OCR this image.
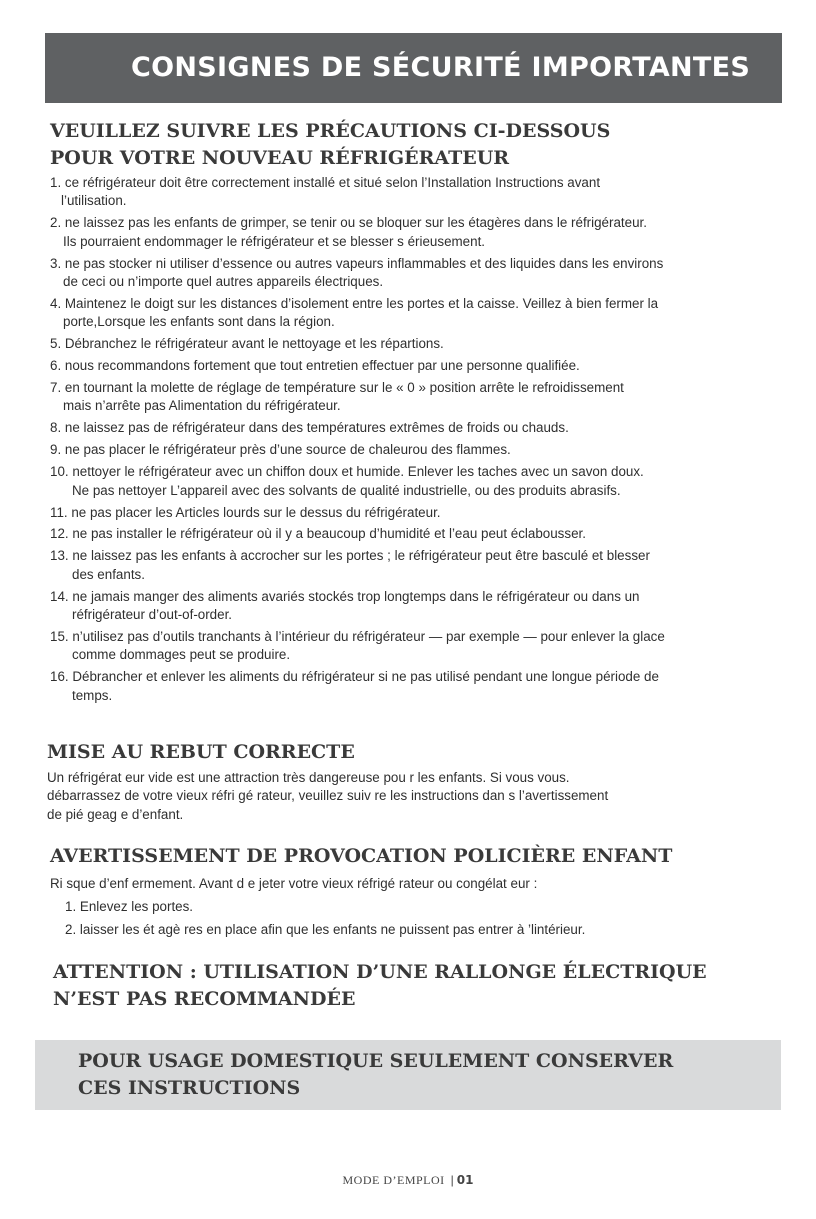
CONSIGNES DE SÉCURITÉ IMPORTANTES
VEUILLEZ SUIVRE LES PRÉCAUTIONS CI-DESSOUS
POUR VOTRE NOUVEAU RÉFRIGÉRATEUR
1. ce réfrigérateur doit être correctement installé et situé selon l’Installation Instructions avant
l’utilisation.
2. ne laissez pas les enfants de grimper, se tenir ou se bloquer sur les étagères dans le réfrigérateur.
Ils pourraient endommager le réfrigérateur et se blesser s érieusement.
3. ne pas stocker ni utiliser d’essence ou autres vapeurs inflammables et des liquides dans les environs
de ceci ou n’importe quel autres appareils électriques.
4. Maintenez le doigt sur les distances d’isolement entre les portes et la caisse. Veillez à bien fermer la
porte,Lorsque les enfants sont dans la région.
5. Débranchez le réfrigérateur avant le nettoyage et les répartions.
6. nous recommandons fortement que tout entretien effectuer par une personne qualifiée.
7. en tournant la molette de réglage de température sur le « 0 » position arrête le refroidissement
mais n’arrête pas Alimentation du réfrigérateur.
8. ne laissez pas de réfrigérateur dans des températures extrêmes de froids ou chauds.
9. ne pas placer le réfrigérateur près d’une source de chaleurou des flammes.
10. nettoyer le réfrigérateur avec un chiffon doux et humide. Enlever les taches avec un savon doux.
Ne pas nettoyer L’appareil avec des solvants de qualité industrielle, ou des produits abrasifs.
11. ne pas placer les Articles lourds sur le dessus du réfrigérateur.
12. ne pas installer le réfrigérateur où il y a beaucoup d’humidité et l’eau peut éclabousser.
13. ne laissez pas les enfants à accrocher sur les portes ; le réfrigérateur peut être basculé et blesser
des enfants.
14. ne jamais manger des aliments avariés stockés trop longtemps dans le réfrigérateur ou dans un
réfrigérateur d’out-of-order.
15. n’utilisez pas d’outils tranchants à l’intérieur du réfrigérateur — par exemple — pour enlever la glace
comme dommages peut se produire.
16. Débrancher et enlever les aliments du réfrigérateur si ne pas utilisé pendant une longue période de
temps.
MISE AU REBUT CORRECTE

Un réfrigérat eur vide est une attraction très dangereuse pou r les enfants. Si vous vous.
débarrassez de votre vieux réfri gé rateur, veuillez suiv re les instructions dan s l’avertissement
de pié geag e d’enfant.

AVERTISSEMENT DE PROVOCATION POLICIÈRE ENFANT

Ri sque d’enf ermement. Avant d e jeter votre vieux réfrigé rateur ou congélat eur :

1. Enlevez les portes.
2. laisser les ét agè res en place afin que les enfants ne puissent pas entrer à ’lintérieur.
ATTENTION : UTILISATION D’UNE RALLONGE ÉLECTRIQUE
N’EST PAS RECOMMANDÉE
POUR USAGE DOMESTIQUE SEULEMENT CONSERVER
CES INSTRUCTIONS
MODE D’EMPLOI | 01
